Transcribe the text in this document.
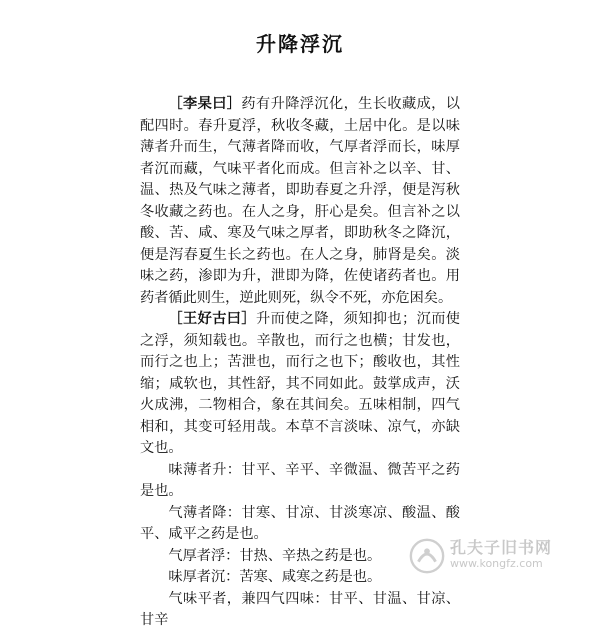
升降浮沉

［李杲曰］药有升降浮沉化，生长收藏成，以配四时。春升夏浮，秋收冬藏，土居中化。是以味薄者升而生，气薄者降而收，气厚者浮而长，味厚者沉而藏，气味平者化而成。但言补之以辛、甘、温、热及气味之薄者，即助春夏之升浮，便是泻秋冬收藏之药也。在人之身，肝心是矣。但言补之以酸、苦、咸、寒及气味之厚者，即助秋冬之降沉，便是泻春夏生长之药也。在人之身，肺肾是矣。淡味之药，渗即为升，泄即为降，佐使诸药者也。用药者循此则生，逆此则死，纵令不死，亦危困矣。

［王好古曰］升而使之降，须知抑也；沉而使之浮，须知载也。辛散也，而行之也横；甘发也，而行之也上；苦泄也，而行之也下；酸收也，其性缩；咸软也，其性舒，其不同如此。鼓掌成声，沃火成沸，二物相合，象在其间矣。五味相制，四气相和，其变可轻用哉。本草不言淡味、凉气，亦缺文也。

味薄者升：甘平、辛平、辛微温、微苦平之药是也。

气薄者降：甘寒、甘凉、甘淡寒凉、酸温、酸平、咸平之药是也。

气厚者浮：甘热、辛热之药是也。

味厚者沉：苦寒、咸寒之药是也。

气味平者，兼四气四味：甘平、甘温、甘凉、甘辛

孔夫子旧书网
www.kongfz.com
